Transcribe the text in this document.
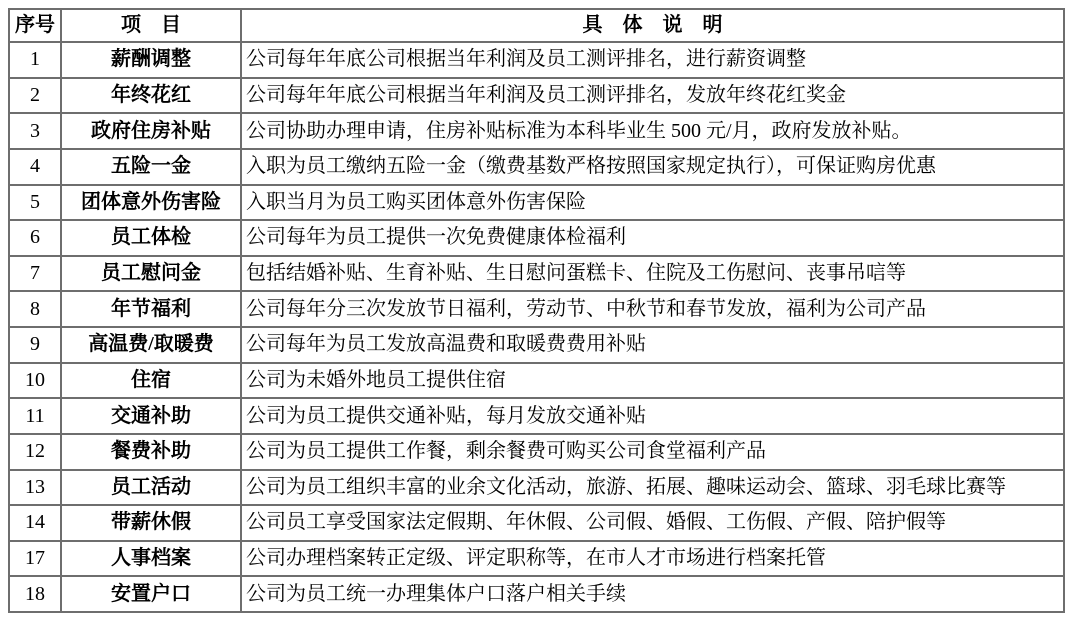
序号	项　目	具　体　说　明
1	薪酬调整	公司每年年底公司根据当年利润及员工测评排名，进行薪资调整
2	年终花红	公司每年年底公司根据当年利润及员工测评排名，发放年终花红奖金
3	政府住房补贴	公司协助办理申请，住房补贴标准为本科毕业生 500 元/月，政府发放补贴。
4	五险一金	入职为员工缴纳五险一金（缴费基数严格按照国家规定执行），可保证购房优惠
5	团体意外伤害险	入职当月为员工购买团体意外伤害保险
6	员工体检	公司每年为员工提供一次免费健康体检福利
7	员工慰问金	包括结婚补贴、生育补贴、生日慰问蛋糕卡、住院及工伤慰问、丧事吊唁等
8	年节福利	公司每年分三次发放节日福利，劳动节、中秋节和春节发放，福利为公司产品
9	高温费/取暖费	公司每年为员工发放高温费和取暖费费用补贴
10	住宿	公司为未婚外地员工提供住宿
11	交通补助	公司为员工提供交通补贴，每月发放交通补贴
12	餐费补助	公司为员工提供工作餐，剩余餐费可购买公司食堂福利产品
13	员工活动	公司为员工组织丰富的业余文化活动，旅游、拓展、趣味运动会、篮球、羽毛球比赛等
14	带薪休假	公司员工享受国家法定假期、年休假、公司假、婚假、工伤假、产假、陪护假等
17	人事档案	公司办理档案转正定级、评定职称等，在市人才市场进行档案托管
18	安置户口	公司为员工统一办理集体户口落户相关手续
